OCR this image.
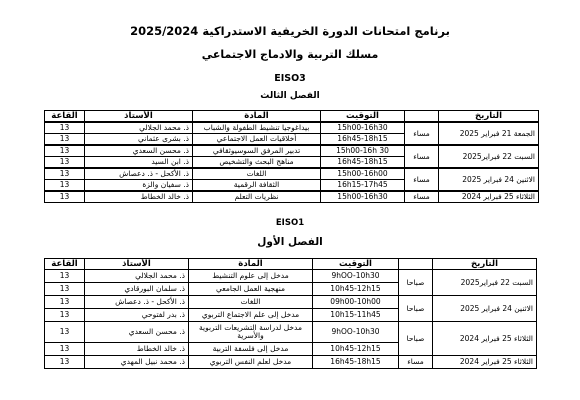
برنامج امتحانات الدورة الخريفية الاستدراكية 2025/2024
مسلك التربية والادماج الاجتماعي
EISO3
الفصل الثالث
التاريخ		التوقيت	المادة	الأستاذ	القاعة
الجمعة 21 فبراير 2025	مساء	15h00-16h30	بيداغوجيا تنشيط الطفولة والشباب	ذ. محمد الجلالي	13
		16h45-18h15	أخلاقيات العمل الاجتماعي	ذ. بشرى عثماني	13
السبت 22 فبراير2025	مساء	15h00-16h 30	تدبير المرفق السوسيوثقافي	ذ. محسن السعدي	13
		16h45-18h15	مناهج البحث والتشخيص	ذ. ابن السيد	13
الاثنين 24 فبراير 2025	مساء	15h00-16h00	اللغات	ذ. الأكحل - ذ. دعصاش	13
		16h15-17h45	الثقافة الرقمية	ذ. سفيان والزة	13
الثلاثاء 25 فبراير 2024	مساء	15h00-16h30	نظريات التعلم	ذ. خالد الخطاط	13
EISO1
الفصل الأول
التاريخ		التوقيت	المادة	الأستاذ	القاعة
السبت 22 فبراير2025	صباحا	9hOO-10h30	مدخل إلى علوم التنشيط	ذ. محمد الجلالي	13
		10h45-12h15	منهجية العمل الجامعي	ذ. سلمان البورقادي	13
الاثنين 24 فبراير 2025	صباحا	09h00-10h00	اللغات	ذ. الأكحل - ذ. دعصاش	13
		10h15-11h45	مدخل إلى علم الاجتماع التربوي	ذ. بدر لفتوحي	13
الثلاثاء 25 فبراير 2024	صباحا	9hOO-10h30	مدخل لدراسة التشريعات التربوية والأسرية	ذ. محسن السعدي	13
		10h45-12h15	مدخل إلى فلسفة التربية	ذ. خالد الخطاط	13
الثلاثاء 25 فبراير 2024	مساء	16h45-18h15	مدخل لعلم النفس التربوي	ذ. محمد نبيل المهدي	13
